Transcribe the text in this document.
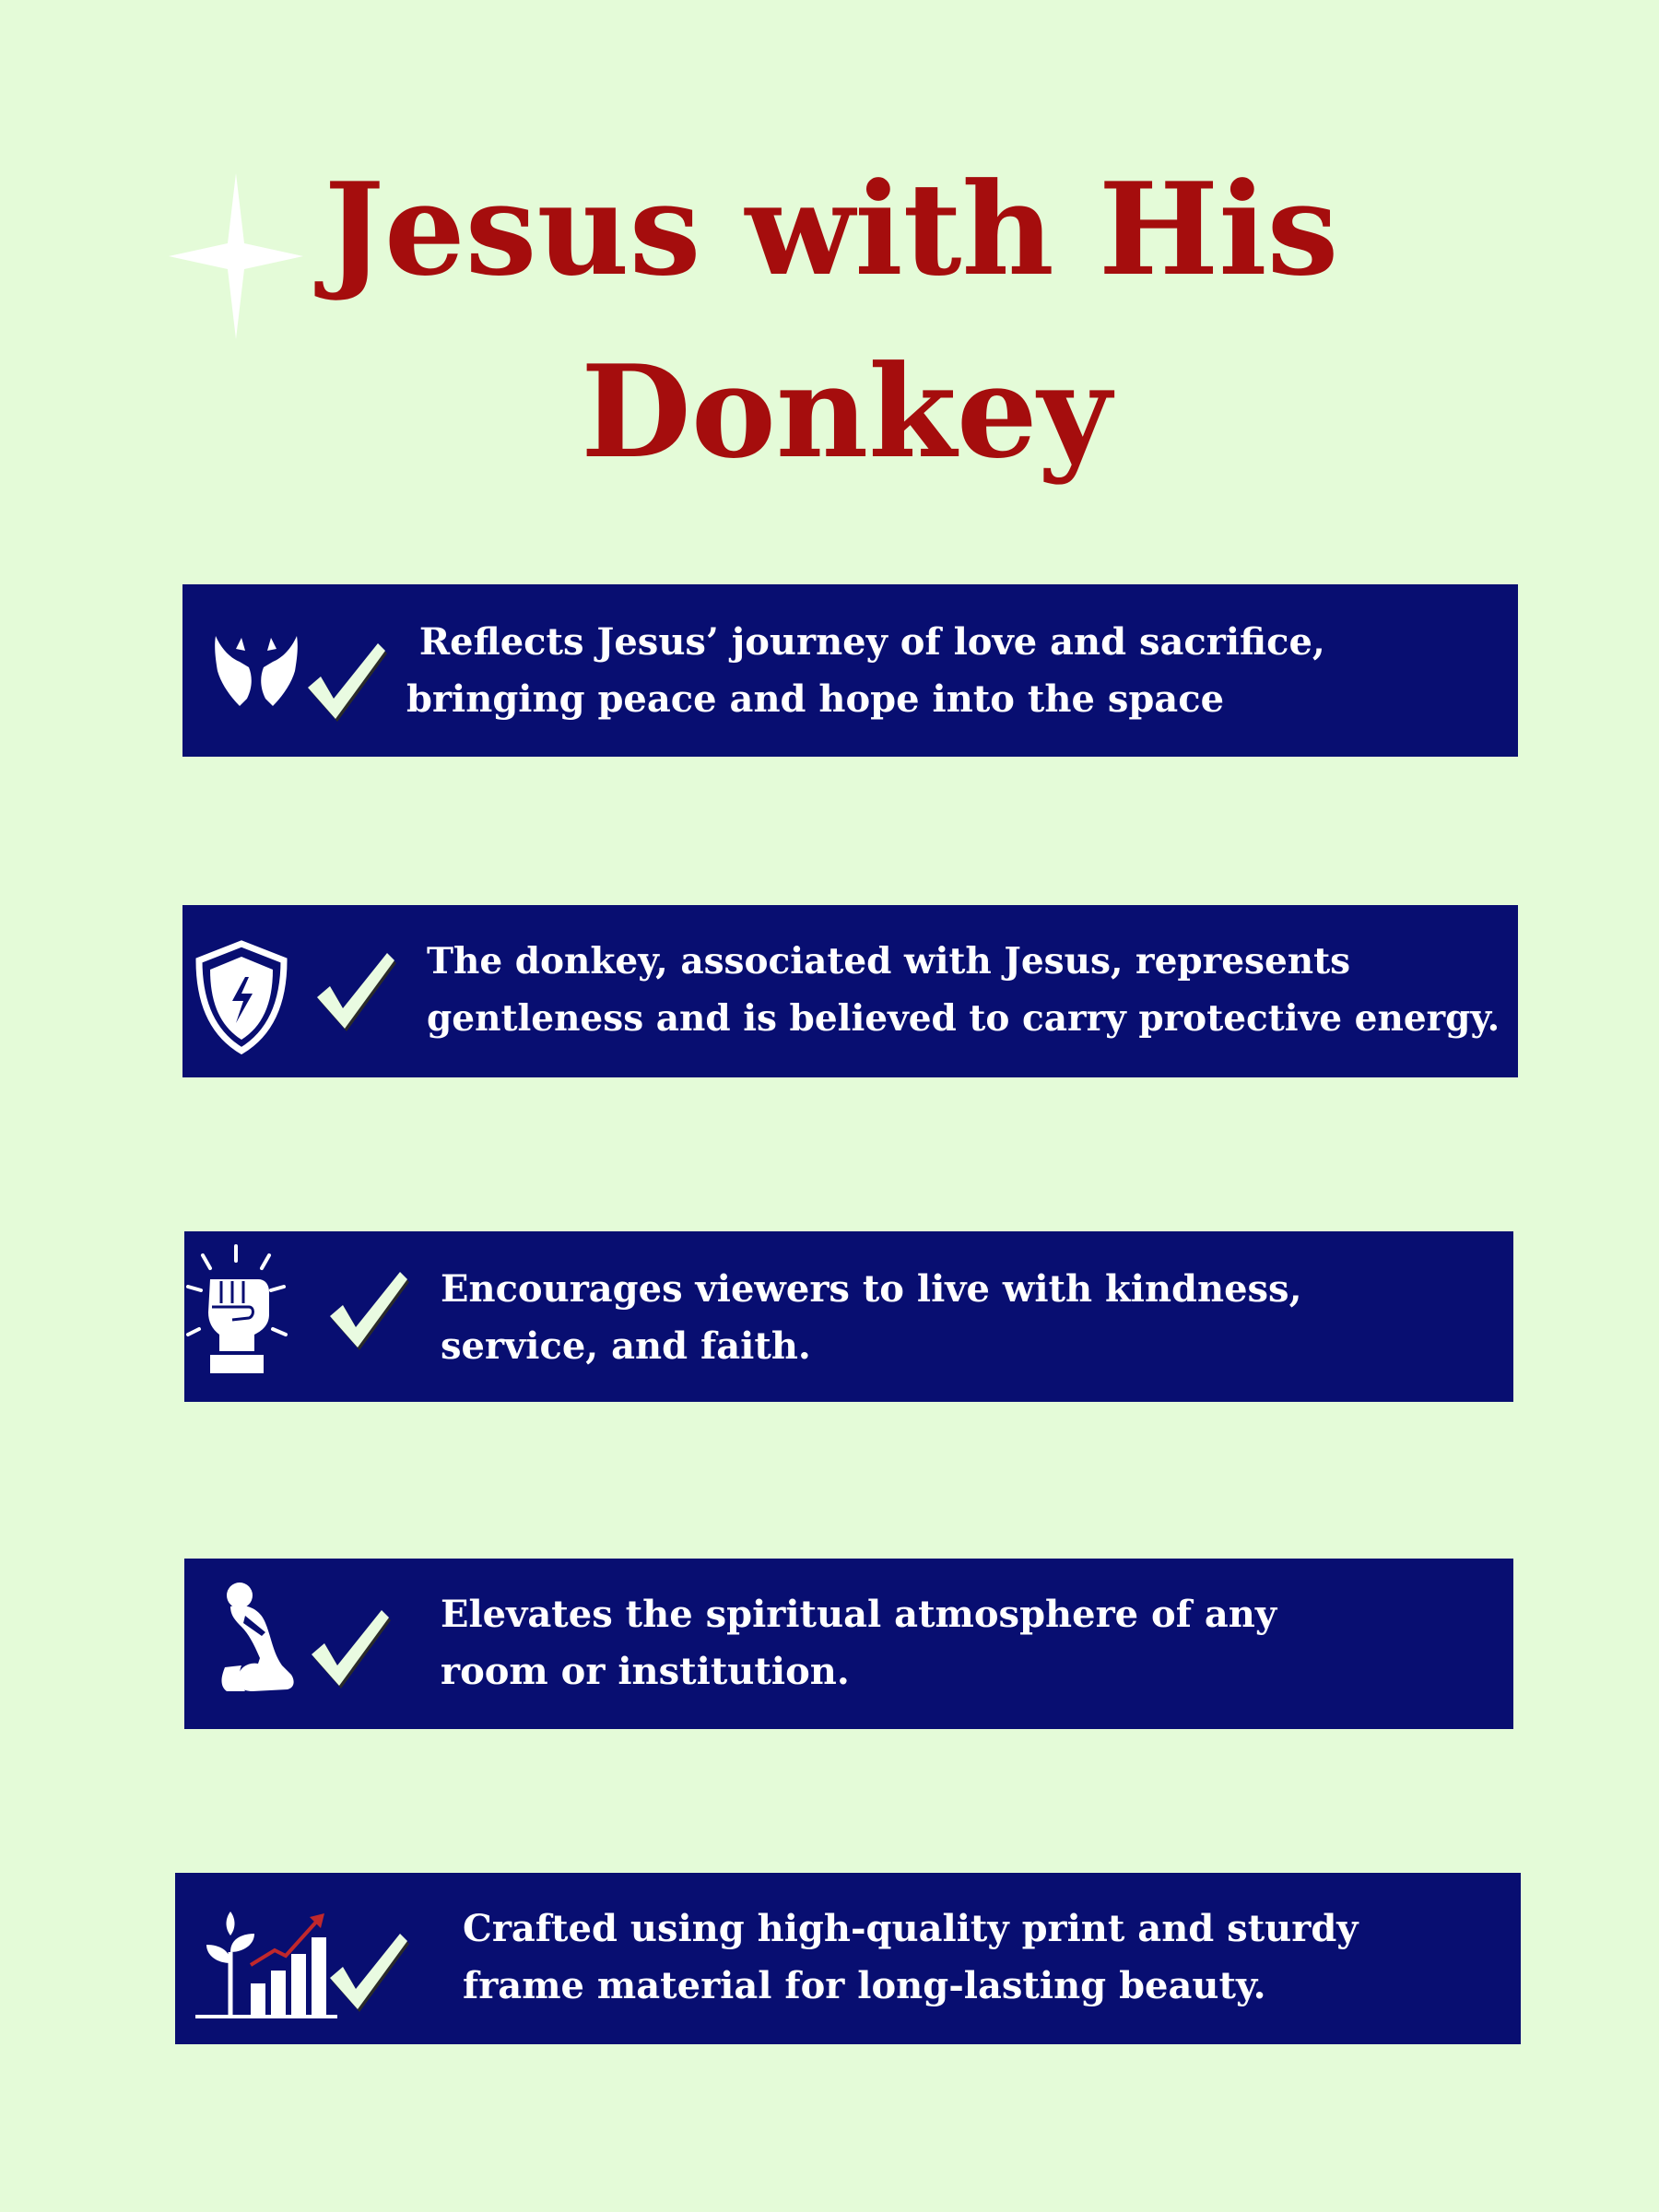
Jesus with His
Donkey
Reflects Jesus’ journey of love and sacrifice,
bringing peace and hope into the space
The donkey, associated with Jesus, represents
gentleness and is believed to carry protective energy.
Encourages viewers to live with kindness,
service, and faith.
Elevates the spiritual atmosphere of any
room or institution.
Crafted using high-quality print and sturdy
frame material for long-lasting beauty.
